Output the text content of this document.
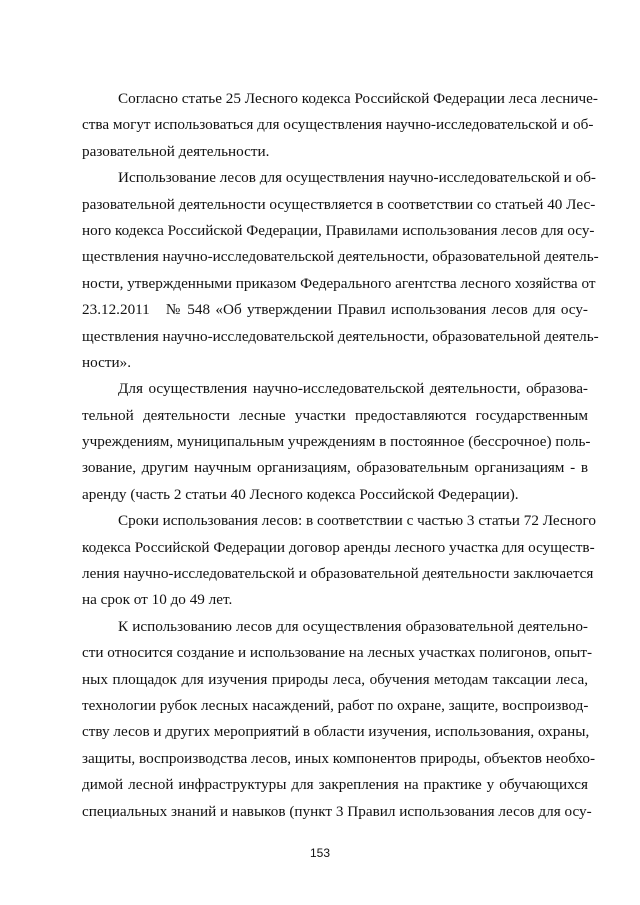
Согласно статье 25 Лесного кодекса Российской Федерации леса лесниче-
ства могут использоваться для осуществления научно-исследовательской и об-
разовательной деятельности.
Использование лесов для осуществления научно-исследовательской и об-
разовательной деятельности осуществляется в соответствии со статьей 40 Лес-
ного кодекса Российской Федерации, Правилами использования лесов для осу-
ществления научно-исследовательской деятельности, образовательной деятель-
ности, утвержденными приказом Федерального агентства лесного хозяйства от
23.12.2011   № 548 «Об утверждении Правил использования лесов для осу-
ществления научно-исследовательской деятельности, образовательной деятель-
ности».
Для осуществления научно-исследовательской деятельности, образова-
тельной деятельности лесные участки предоставляются государственным
учреждениям, муниципальным учреждениям в постоянное (бессрочное) поль-
зование, другим научным организациям, образовательным организациям - в
аренду (часть 2 статьи 40 Лесного кодекса Российской Федерации).
Сроки использования лесов: в соответствии с частью 3 статьи 72 Лесного
кодекса Российской Федерации договор аренды лесного участка для осуществ-
ления научно-исследовательской и образовательной деятельности заключается
на срок от 10 до 49 лет.
К использованию лесов для осуществления образовательной деятельно-
сти относится создание и использование на лесных участках полигонов, опыт-
ных площадок для изучения природы леса, обучения методам таксации леса,
технологии рубок лесных насаждений, работ по охране, защите, воспроизвод-
ству лесов и других мероприятий в области изучения, использования, охраны,
защиты, воспроизводства лесов, иных компонентов природы, объектов необхо-
димой лесной инфраструктуры для закрепления на практике у обучающихся
специальных знаний и навыков (пункт 3 Правил использования лесов для осу-
153
